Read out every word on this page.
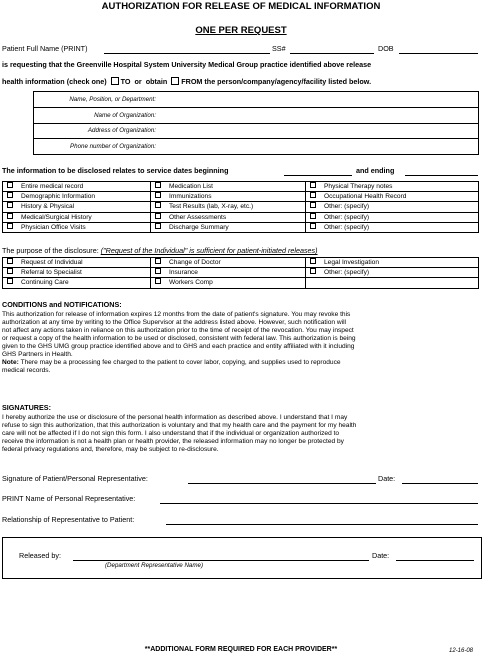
AUTHORIZATION FOR RELEASE OF MEDICAL INFORMATION
ONE PER REQUEST
Patient Full Name (PRINT)	SS#	DOB
is requesting that the Greenville Hospital System University Medical Group practice identified above release
health information (check one) TO or obtain FROM the person/company/agency/facility listed below.
Name, Position, or Department:
Name of Organization:
Address of Organization:
Phone number of Organization:
The information to be disclosed relates to service dates beginning	and ending
Entire medical record	Medication List	Physical Therapy notes
Demographic Information	Immunizations	Occupational Health Record
History & Physical	Test Results (lab, X-ray, etc.)	Other: (specify)
Medical/Surgical History	Other Assessments	Other: (specify)
Physician Office Visits	Discharge Summary	Other: (specify)
The purpose of the disclosure: ("Request of the Individual" is sufficient for patient-initiated releases)
Request of Individual	Change of Doctor	Legal Investigation
Referral to Specialist	Insurance	Other: (specify)
Continuing Care	Workers Comp	
CONDITIONS and NOTIFICATIONS:
This authorization for release of information expires 12 months from the date of patient's signature. You may revoke this
authorization at any time by writing to the Office Supervisor at the address listed above. However, such notification will
not affect any actions taken in reliance on this authorization prior to the time of receipt of the revocation. You may inspect
or request a copy of the health information to be used or disclosed, consistent with federal law. This authorization is being
given to the GHS UMG group practice identified above and to GHS and each practice and entity affiliated with it including
GHS Partners in Health.
Note: There may be a processing fee charged to the patient to cover labor, copying, and supplies used to reproduce
medical records.
SIGNATURES:
I hereby authorize the use or disclosure of the personal health information as described above. I understand that I may
refuse to sign this authorization, that this authorization is voluntary and that my health care and the payment for my health
care will not be affected if I do not sign this form. I also understand that if the individual or organization authorized to
receive the information is not a health plan or health provider, the released information may no longer be protected by
federal privacy regulations and, therefore, may be subject to re-disclosure.
Signature of Patient/Personal Representative:	Date:
PRINT Name of Personal Representative:
Relationship of Representative to Patient:
Released by:	Date:
(Department Representative Name)
**ADDITIONAL FORM REQUIRED FOR EACH PROVIDER**	12-16-08
